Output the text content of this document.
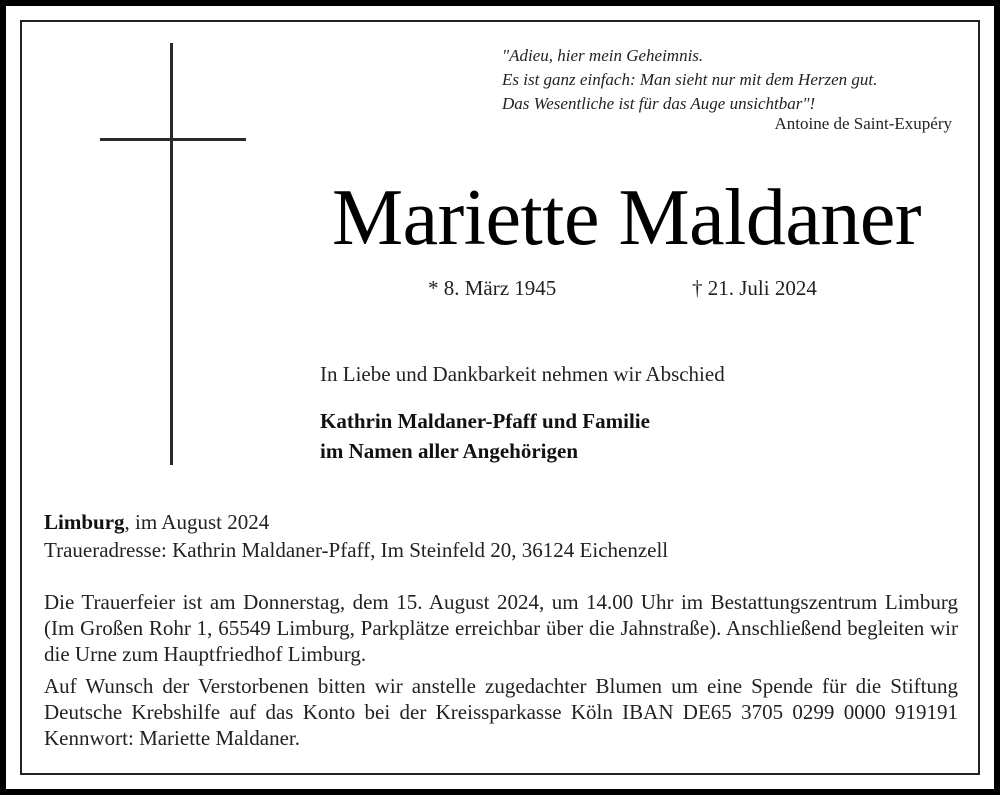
"Adieu, hier mein Geheimnis.
Es ist ganz einfach: Man sieht nur mit dem Herzen gut.
Das Wesentliche ist für das Auge unsichtbar"!
Antoine de Saint-Exupéry
Mariette Maldaner
* 8. März 1945	† 21. Juli 2024
In Liebe und Dankbarkeit nehmen wir Abschied
Kathrin Maldaner-Pfaff und Familie
im Namen aller Angehörigen
Limburg, im August 2024
Traueradresse: Kathrin Maldaner-Pfaff, Im Steinfeld 20, 36124 Eichenzell
Die Trauerfeier ist am Donnerstag, dem 15. August 2024, um 14.00 Uhr im Bestattungszentrum Limburg (Im Großen Rohr 1, 65549 Limburg, Parkplätze erreichbar über die Jahnstraße). Anschließend begleiten wir die Urne zum Hauptfriedhof Limburg.
Auf Wunsch der Verstorbenen bitten wir anstelle zugedachter Blumen um eine Spende für die Stiftung Deutsche Krebshilfe auf das Konto bei der Kreissparkasse Köln IBAN DE65 3705 0299 0000 919191 Kennwort: Mariette Maldaner.
